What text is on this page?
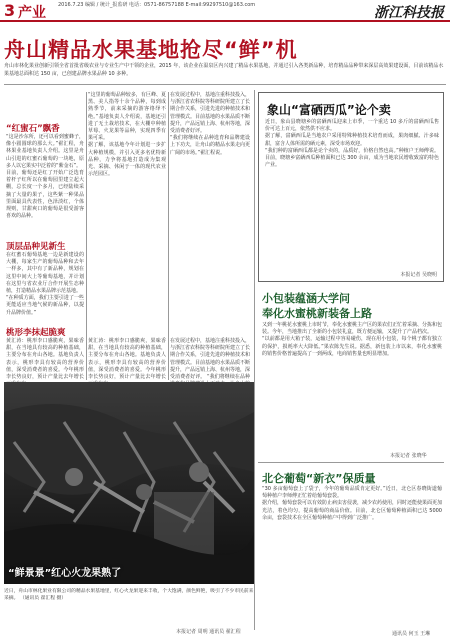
3 产业 2016.7.23 编辑 / 统计_报监研 电话：0571-86757188 E-mail:99297510@163.com	浙江科技报
舟山精品水果基地抢尽“鲜”机
舟山市林化果业创新引领全省首批省级农业与专业生产中干领的企业，2015 年，该企业在温泉区内兴建了精品水果基地，并通过引入各类新品种，培育精品品种带来深层高效果建设面，目前该精品水果基地总面积达 150 亩，已创建品牌水果品种 10 多种。
“红蜜石”飘香
“这是沙东所，还可以看到蜜蜂子，像小圆圆球的那么大。”翟汇程，舟林果业基地负责人介绍。这里是舟山引进的红蜜石葡萄的一块地，原多人以它果实中泛着的“紫金石”。
目前，葡萄还是红了开始广泛选育着杆子红所以在葡萄园里建立起大棚，总长度一个多月，已经陆续采摘了大量的果子，这些紫一种果品里面最具代表性，色泽淡红，个体规则，甘甜爽口的葡萄是很受游客喜欢的品种。
顶层品种见新生
在红蜜石葡萄基地一边是新建设的大棚，每家生产的葡萄品种和去年一样多，其中有了新品种，规划在这里中间大上等葡萄基地，并计划在这里与省农业厅合作开展生态种植，打造精品水果品牌示范基地。
“在种质方面，我们主要引进了一些更能适应当地气候的新品种，以提升品牌价值。”
桃形李抹起脆爽
黄汇涛：桃形李口感脆爽，果味香甜，在当地具有较高的种植基础，主要分布在舟山各地。基地负责人表示，桃形李具有较高的营养价值，深受消费者的喜爱。今年桃形李长势良好，预计产量比去年增长
“这里的葡萄品种较多，有巨峰、夏黑、美人指等十余个品种，每到成熟季节，前来采摘的游客络绎不绝。”基地负责人介绍说，基地还引进了无土栽培技术，在大棚中种植草莓、火龙果等品种，实现四季有果可采。
据了解，该基地今年计划进一步扩大种植规模，并引入更多名优特新品种，力争将基地打造成为集观光、采摘、休闲于一体的现代农业示范园区。
在发展过程中，基地注重科技投入，与浙江省农科院等科研院所建立了长期合作关系，引进先进的种植技术和管理模式。目前基地的水果品质不断提升，产品远销上海、杭州等地，深受消费者好评。
“我们将继续在品种选育和品牌建设上下功夫，让舟山的精品水果走向更广阔的市场。”翟汇程说。
黄汇涛：桃形李口感脆爽，果味香甜，在当地具有较高的种植基础，主要分布在舟山各地。基地负责人表示，桃形李具有较高的营养价值，深受消费者的喜爱。今年桃形李长势良好，预计产量比去年增长
在发展过程中，基地注重科技投入，与浙江省农科院等科研院所建立了长期合作关系，引进先进的种植技术和管理模式。目前基地的水果品质不断提升，产品远销上海、杭州等地，深受消费者好评。 “我们将继续在品种
本报记者 周明 通讯员 翟汇程
“鲜景景”红心火龙果熟了
近日，舟山市林化果业有限公司的精品水果基地里，红心火龙果迎来丰收，个大饱满，颜色鲜艳，吸引了不少市民前来采摘。 （通讯员 翟汇程 摄）
象山“富硒西瓜”论个卖
近日，象山县晓塘乡的富硒西瓜迎来上市季，一个重达 10 多斤的富硒西瓜售价可达上百元，依然供不应求。
据了解，富硒西瓜是当地农户采用特殊种植技术培育而成，果肉细腻、汁多味甜，富含人体所需的硒元素，深受市场欢迎。
“我们种的富硒西瓜都是论个卖的，品质好，价格自然也高。”种植户王师傅说。目前，晓塘乡富硒西瓜种植面积已达 300 余亩，成为当地农民增收致富的特色产业。
本报记者 吴晓明
小包装蕴涵大学问
奉化水蜜桃新装备上路
又到一年桃花水蜜桃上市时节，奉化水蜜桃主产区的果农们正忙着采摘、分拣和包装。今年，当地推出了全新的小包装礼盒，既方便运输，又提升了产品档次。
“以前都是用大箱子装，运输过程中容易碰伤，现在用小包装，每个桃子都有独立的保护，损耗率大大降低。”果农陈先生说。据悉，新包装上市以来，奉化水蜜桃的销售价格普遍提高了一到两成，电商销售量也明显增加。
本报记者 张晓华
北仑葡萄“新衣”保质量
“30 多亩葡萄套上了袋子，今年的葡萄品质肯定更好。”近日，北仑区春晓街道葡萄种植户李师傅正忙着给葡萄套袋。
据介绍，葡萄套袋可以有效防止病虫害侵袭，减少农药使用，同时还能使果面更加光洁，着色均匀，提高葡萄的商品价值。目前，北仑区葡萄种植面积已达 5000 余亩，套袋技术在全区葡萄种植户中得到广泛推广。
通讯员 何玉 王琳
